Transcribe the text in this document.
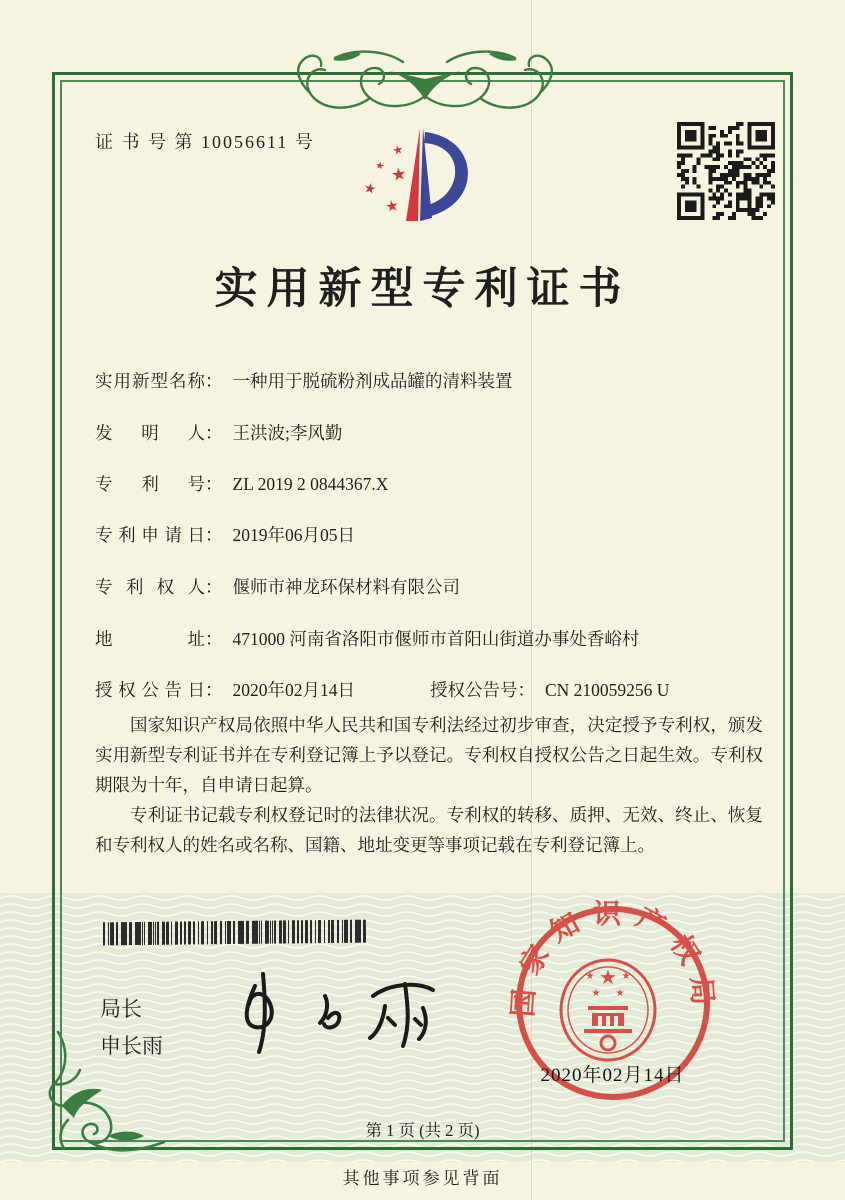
证 书 号 第 10056611 号	★
★ ★
★
★
实用新型专利证书
实用新型名称： 一种用于脱硫粉剂成品罐的清料装置
发明人： 王洪波;李风勤
专利号： ZL 2019 2 0844367.X
专利申请日： 2019年06月05日
专利权人： 偃师市神龙环保材料有限公司
地址： 471000 河南省洛阳市偃师市首阳山街道办事处香峪村
授权公告日： 2020年02月14日	授权公告号： CN 210059256 U

国家知识产权局依照中华人民共和国专利法经过初步审查，决定授予专利权，颁发实用新型专利证书并在专利登记簿上予以登记。专利权自授权公告之日起生效。专利权期限为十年，自申请日起算。

专利证书记载专利权登记时的法律状况。专利权的转移、质押、无效、终止、恢复和专利权人的姓名或名称、国籍、地址变更等事项记载在专利登记簿上。

局长
申长雨
国家知识产权局
★
★	★
★ ★
2020年02月14日
第 1 页 (共 2 页)
其他事项参见背面
